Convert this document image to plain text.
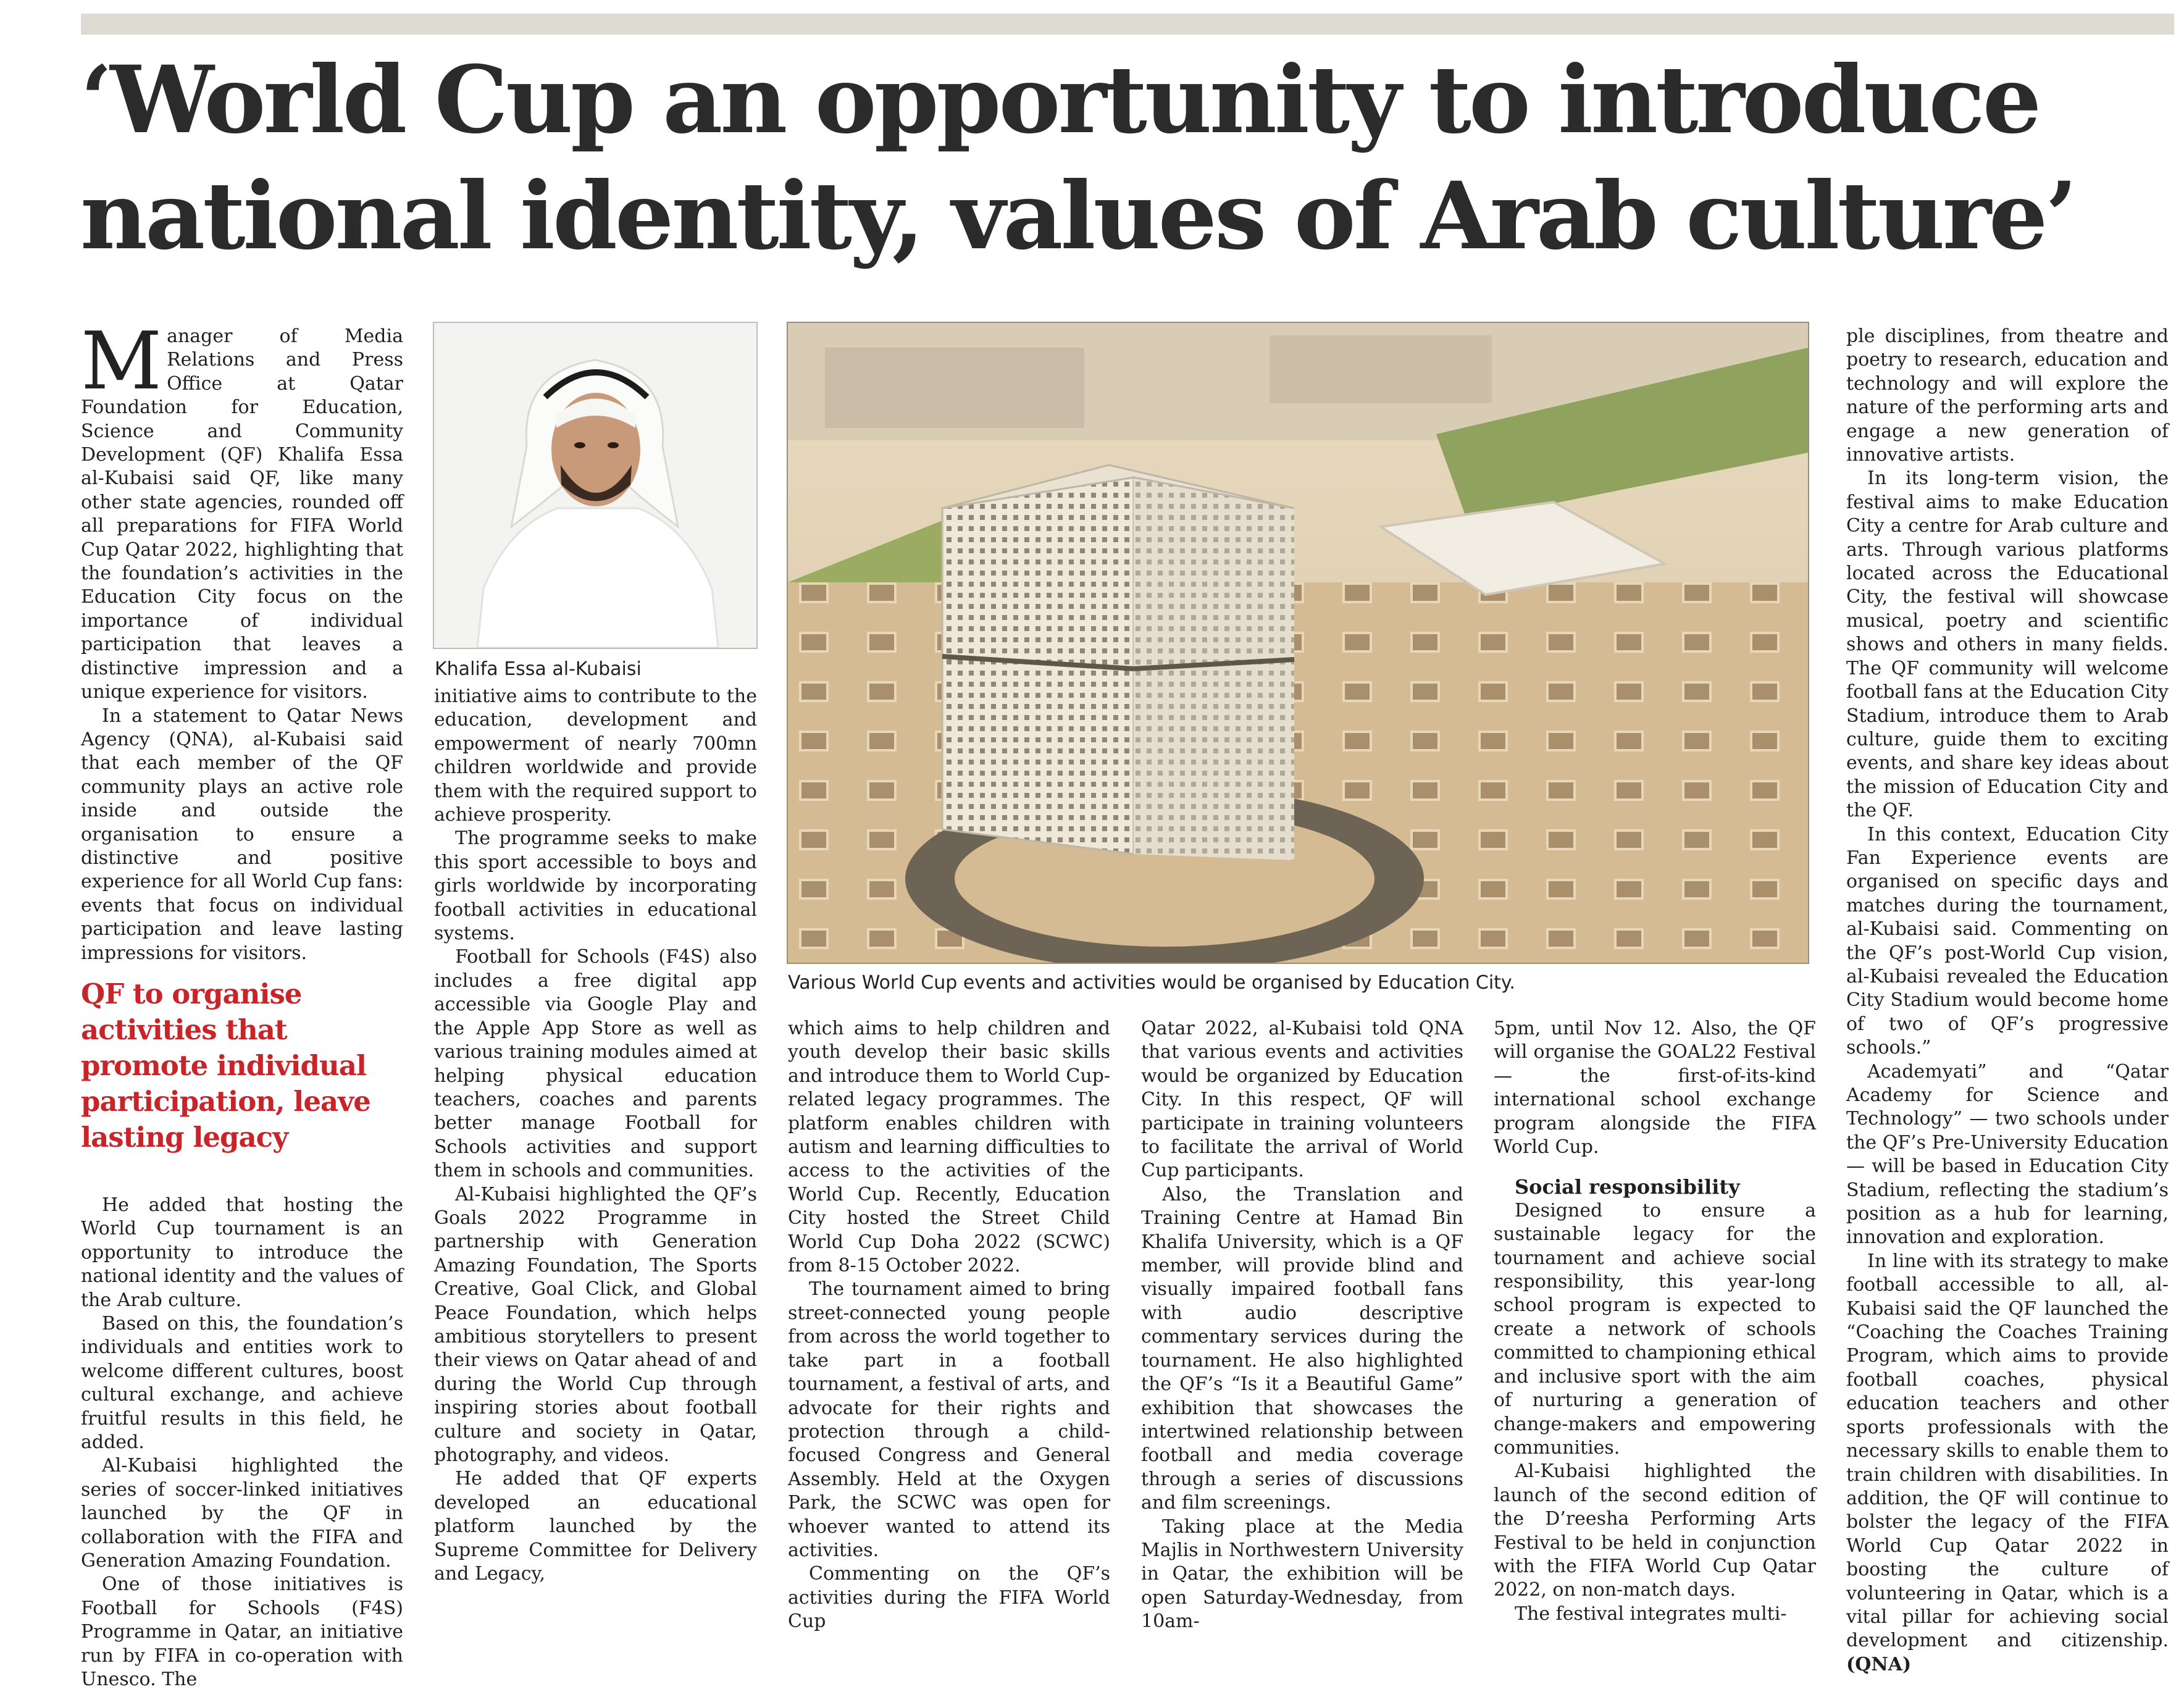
‘World Cup an opportunity to introduce
national identity, values of Arab culture’

Manager of Media Relations and Press Office at Qatar Foundation for Education, Science and Community Development (QF) Khalifa Essa al-Kubaisi said QF, like many other state agencies, rounded off all preparations for FIFA World Cup Qatar 2022, highlighting that the foundation’s activities in the Education City focus on the importance of individual participation that leaves a distinctive impression and a unique experience for visitors.

In a statement to Qatar News Agency (QNA), al-Kubaisi said that each member of the QF community plays an active role inside and outside the organisation to ensure a distinctive and positive experience for all World Cup fans: events that focus on individual participation and leave lasting impressions for visitors.

QF to organise activities that promote individual participation, leave lasting legacy

He added that hosting the World Cup tournament is an opportunity to introduce the national identity and the values of the Arab culture.

Based on this, the foundation’s individuals and entities work to welcome different cultures, boost cultural exchange, and achieve fruitful results in this field, he added.

Al-Kubaisi highlighted the series of soccer-linked initiatives launched by the QF in collaboration with the FIFA and Generation Amazing Foundation.

One of those initiatives is Football for Schools (F4S) Programme in Qatar, an initiative run by FIFA in co-operation with Unesco. The

Khalifa Essa al-Kubaisi
Various World Cup events and activities would be organised by Education City.

initiative aims to contribute to the education, development and empowerment of nearly 700mn children worldwide and provide them with the required support to achieve prosperity.

The programme seeks to make this sport accessible to boys and girls worldwide by incorporating football activities in educational systems.

Football for Schools (F4S) also includes a free digital app accessible via Google Play and the Apple App Store as well as various training modules aimed at helping physical education teachers, coaches and parents better manage Football for Schools activities and support them in schools and communities.

Al-Kubaisi highlighted the QF’s Goals 2022 Programme in partnership with Generation Amazing Foundation, The Sports Creative, Goal Click, and Global Peace Foundation, which helps ambitious storytellers to present their views on Qatar ahead of and during the World Cup through inspiring stories about football culture and society in Qatar, photography, and videos.

He added that QF experts developed an educational platform launched by the Supreme Committee for Delivery and Legacy,

which aims to help children and youth develop their basic skills and introduce them to World Cup-related legacy programmes. The platform enables children with autism and learning difficulties to access to the activities of the World Cup. Recently, Education City hosted the Street Child World Cup Doha 2022 (SCWC) from 8-15 October 2022.

The tournament aimed to bring street-connected young people from across the world together to take part in a football tournament, a festival of arts, and advocate for their rights and protection through a child-focused Congress and General Assembly. Held at the Oxygen Park, the SCWC was open for whoever wanted to attend its activities.

Commenting on the QF’s activities during the FIFA World Cup

Qatar 2022, al-Kubaisi told QNA that various events and activities would be organized by Education City. In this respect, QF will participate in training volunteers to facilitate the arrival of World Cup participants.

Also, the Translation and Training Centre at Hamad Bin Khalifa University, which is a QF member, will provide blind and visually impaired football fans with audio descriptive commentary services during the tournament. He also highlighted the QF’s “Is it a Beautiful Game” exhibition that showcases the intertwined relationship between football and media coverage through a series of discussions and film screenings.

Taking place at the Media Majlis in Northwestern University in Qatar, the exhibition will be open Saturday-Wednesday, from 10am-

5pm, until Nov 12. Also, the QF will organise the GOAL22 Festival — the first-of-its-kind international school exchange program alongside the FIFA World Cup.

Social responsibility

Designed to ensure a sustainable legacy for the tournament and achieve social responsibility, this year-long school program is expected to create a network of schools committed to championing ethical and inclusive sport with the aim of nurturing a generation of change-makers and empowering communities.

Al-Kubaisi highlighted the launch of the second edition of the D’reesha Performing Arts Festival to be held in conjunction with the FIFA World Cup Qatar 2022, on non-match days.

The festival integrates multi-

ple disciplines, from theatre and poetry to research, education and technology and will explore the nature of the performing arts and engage a new generation of innovative artists.

In its long-term vision, the festival aims to make Education City a centre for Arab culture and arts. Through various platforms located across the Educational City, the festival will showcase musical, poetry and scientific shows and others in many fields. The QF community will welcome football fans at the Education City Stadium, introduce them to Arab culture, guide them to exciting events, and share key ideas about the mission of Education City and the QF.

In this context, Education City Fan Experience events are organised on specific days and matches during the tournament, al-Kubaisi said. Commenting on the QF’s post-World Cup vision, al-Kubaisi revealed the Education City Stadium would become home of two of QF’s progressive schools.”

Academyati” and “Qatar Academy for Science and Technology” — two schools under the QF’s Pre-University Education — will be based in Education City Stadium, reflecting the stadium’s position as a hub for learning, innovation and exploration.

In line with its strategy to make football accessible to all, al-Kubaisi said the QF launched the “Coaching the Coaches Training Program, which aims to provide football coaches, physical education teachers and other sports professionals with the necessary skills to enable them to train children with disabilities. In addition, the QF will continue to bolster the legacy of the FIFA World Cup Qatar 2022 in boosting the culture of volunteering in Qatar, which is a vital pillar for achieving social development and citizenship. (QNA)
